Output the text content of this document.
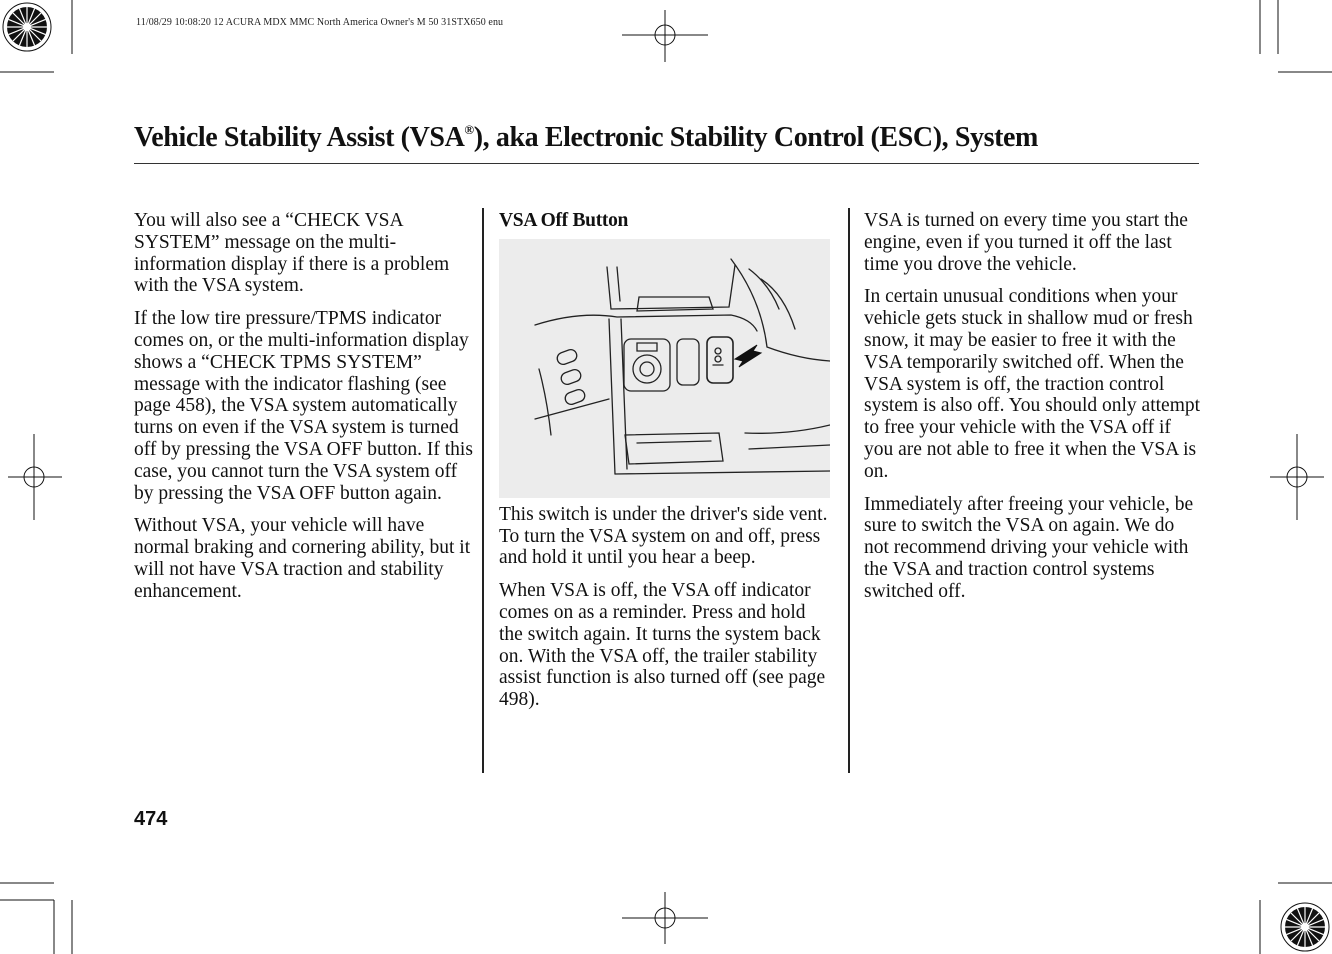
11/08/29 10:08:20 12 ACURA MDX MMC North America Owner's M 50 31STX650 enu
Vehicle Stability Assist (VSA®), aka Electronic Stability Control (ESC), System

You will also see a “CHECK VSA SYSTEM” message on the multi-information display if there is a problem with the VSA system.

If the low tire pressure/TPMS indicator comes on, or the multi-information display shows a “CHECK TPMS SYSTEM” message with the indicator flashing (see page 458), the VSA system automatically turns on even if the VSA system is turned off by pressing the VSA OFF button. If this case, you cannot turn the VSA system off by pressing the VSA OFF button again.

Without VSA, your vehicle will have normal braking and cornering ability, but it will not have VSA traction and stability enhancement.

VSA Off Button

This switch is under the driver's side vent. To turn the VSA system on and off, press and hold it until you hear a beep.

When VSA is off, the VSA off indicator comes on as a reminder. Press and hold the switch again. It turns the system back on. With the VSA off, the trailer stability assist function is also turned off (see page 498).

VSA is turned on every time you start the engine, even if you turned it off the last time you drove the vehicle.

In certain unusual conditions when your vehicle gets stuck in shallow mud or fresh snow, it may be easier to free it with the VSA temporarily switched off. When the VSA system is off, the traction control system is also off. You should only attempt to free your vehicle with the VSA off if you are not able to free it when the VSA is on.

Immediately after freeing your vehicle, be sure to switch the VSA on again. We do not recommend driving your vehicle with the VSA and traction control systems switched off.

474
